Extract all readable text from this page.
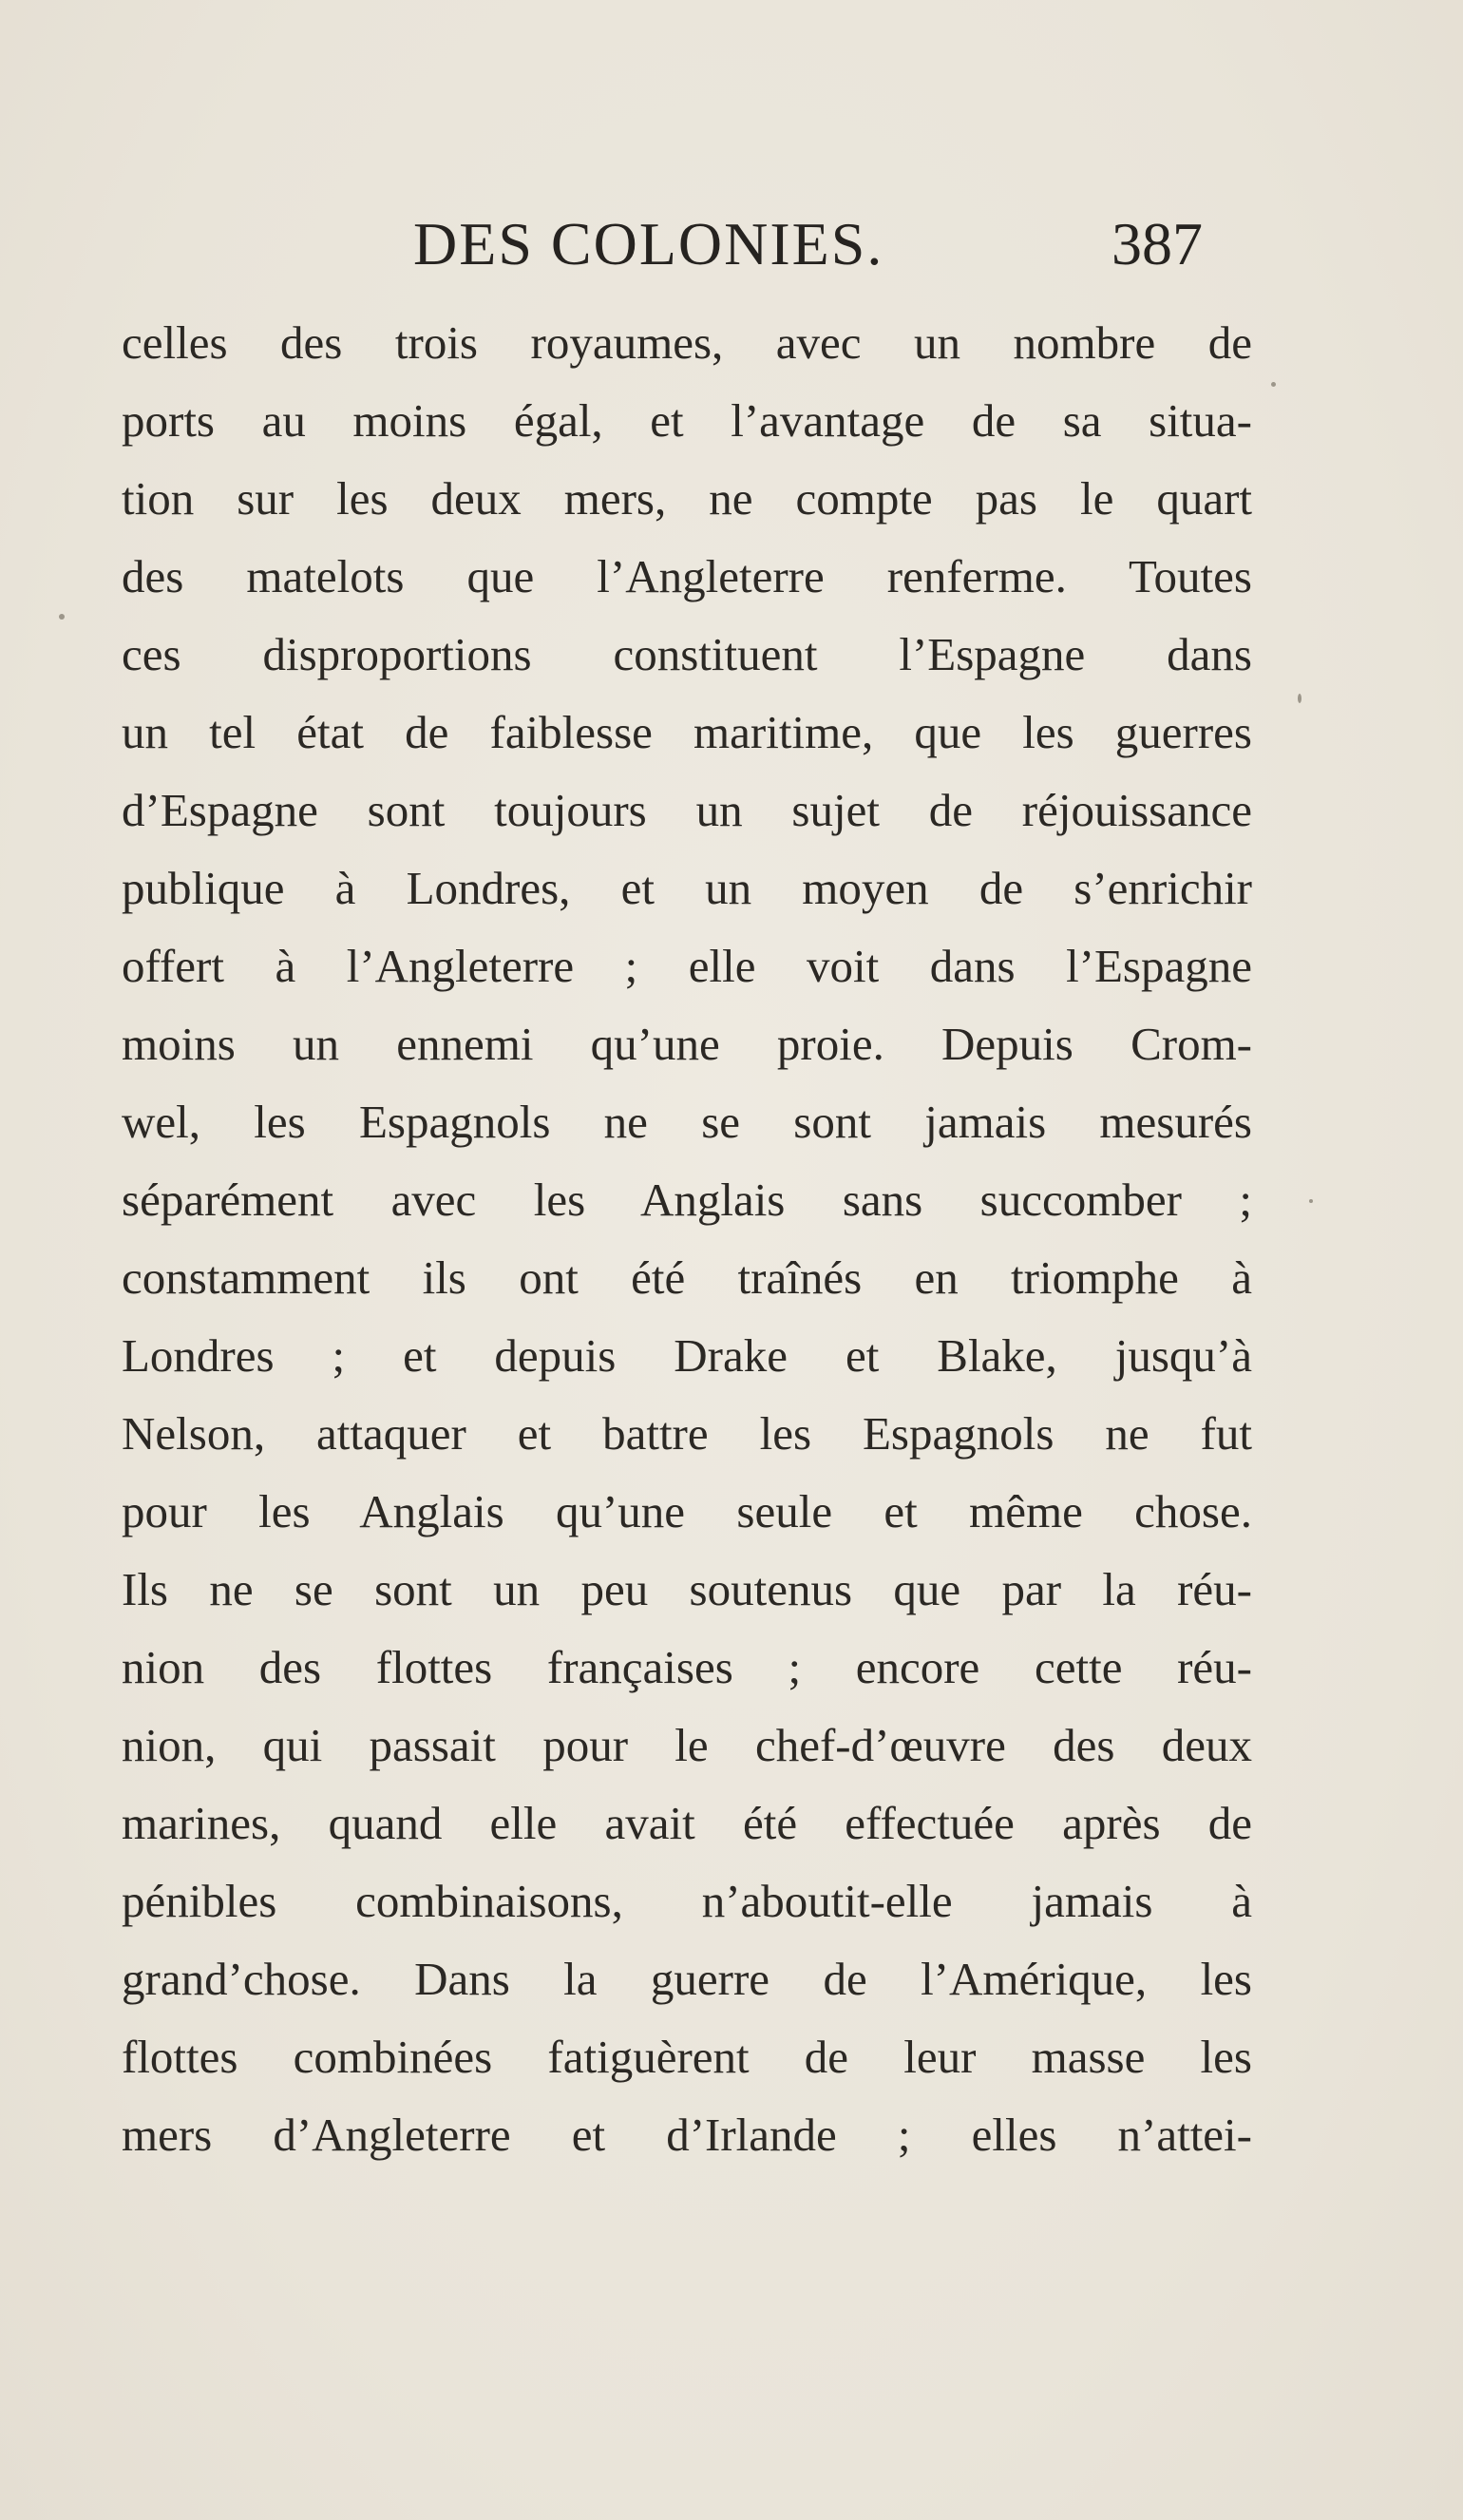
DES COLONIES.	387
celles des trois royaumes, avec un nombre de
ports au moins égal, et l’avantage de sa situa-
tion sur les deux mers, ne compte pas le quart
des matelots que l’Angleterre renferme. Toutes
ces disproportions constituent l’Espagne dans
un tel état de faiblesse maritime, que les guerres
d’Espagne sont toujours un sujet de réjouissance
publique à Londres, et un moyen de s’enrichir
offert à l’Angleterre ; elle voit dans l’Espagne
moins un ennemi qu’une proie. Depuis Crom-
wel, les Espagnols ne se sont jamais mesurés
séparément avec les Anglais sans succomber ;
constamment ils ont été traînés en triomphe à
Londres ; et depuis Drake et Blake, jusqu’à
Nelson, attaquer et battre les Espagnols ne fut
pour les Anglais qu’une seule et même chose.
Ils ne se sont un peu soutenus que par la réu-
nion des flottes françaises ; encore cette réu-
nion, qui passait pour le chef-d’œuvre des deux
marines, quand elle avait été effectuée après de
pénibles combinaisons, n’aboutit-elle jamais à
grand’chose. Dans la guerre de l’Amérique, les
flottes combinées fatiguèrent de leur masse les
mers d’Angleterre et d’Irlande ; elles n’attei-
